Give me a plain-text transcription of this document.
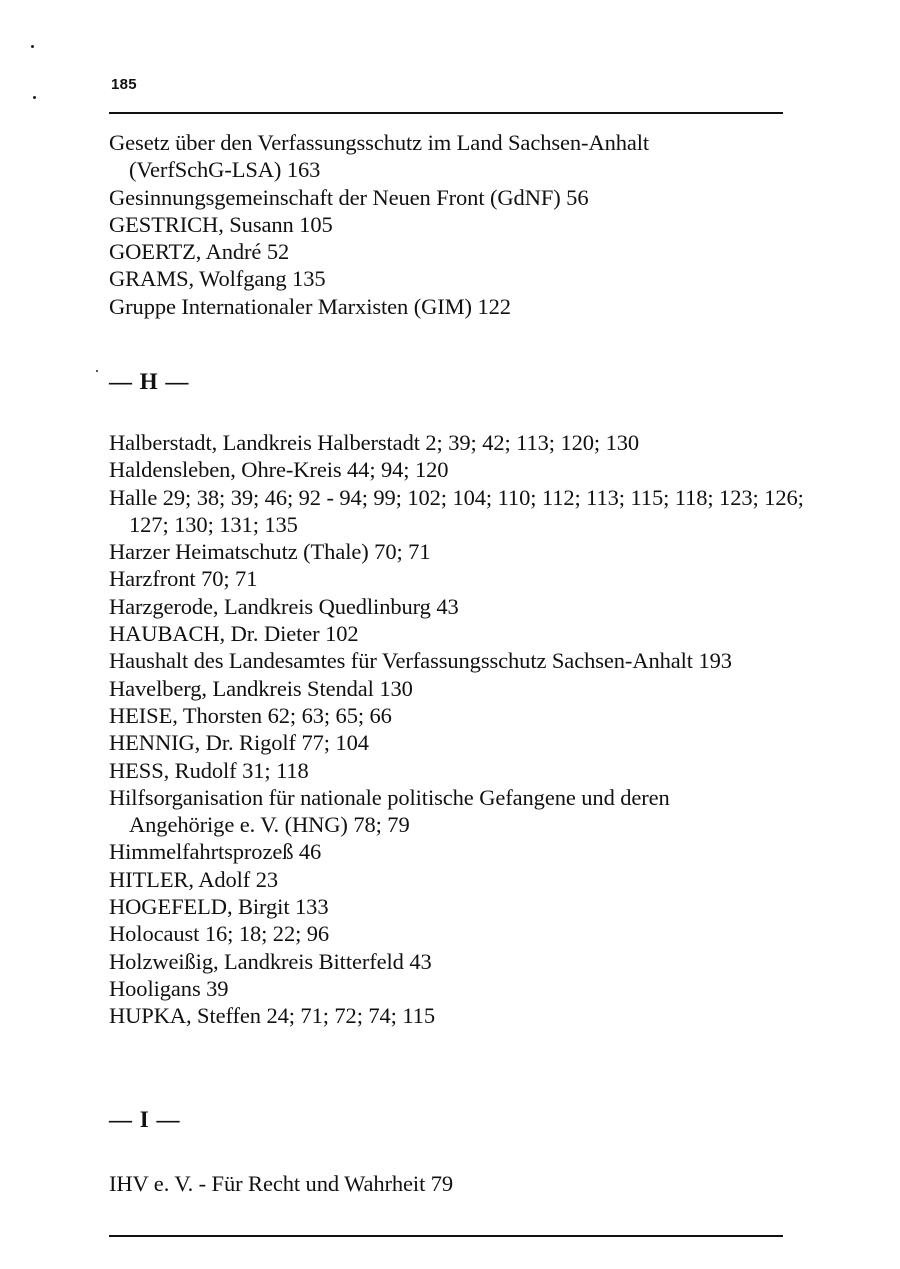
185
Gesetz über den Verfassungsschutz im Land Sachsen-Anhalt (VerfSchG-LSA) 163
Gesinnungsgemeinschaft der Neuen Front (GdNF) 56
GESTRICH, Susann 105
GOERTZ, André 52
GRAMS, Wolfgang 135
Gruppe Internationaler Marxisten (GIM) 122
— H —
Halberstadt, Landkreis Halberstadt 2; 39; 42; 113; 120; 130
Haldensleben, Ohre-Kreis 44; 94; 120
Halle 29; 38; 39; 46; 92 - 94; 99; 102; 104; 110; 112; 113; 115; 118; 123; 126; 127; 130; 131; 135
Harzer Heimatschutz (Thale) 70; 71
Harzfront 70; 71
Harzgerode, Landkreis Quedlinburg 43
HAUBACH, Dr. Dieter 102
Haushalt des Landesamtes für Verfassungsschutz Sachsen-Anhalt 193
Havelberg, Landkreis Stendal 130
HEISE, Thorsten 62; 63; 65; 66
HENNIG, Dr. Rigolf 77; 104
HESS, Rudolf 31; 118
Hilfsorganisation für nationale politische Gefangene und deren Angehörige e. V. (HNG) 78; 79
Himmelfahrtsprozeß 46
HITLER, Adolf 23
HOGEFELD, Birgit 133
Holocaust 16; 18; 22; 96
Holzweißig, Landkreis Bitterfeld 43
Hooligans 39
HUPKA, Steffen 24; 71; 72; 74; 115
— I —
IHV e. V. - Für Recht und Wahrheit 79
